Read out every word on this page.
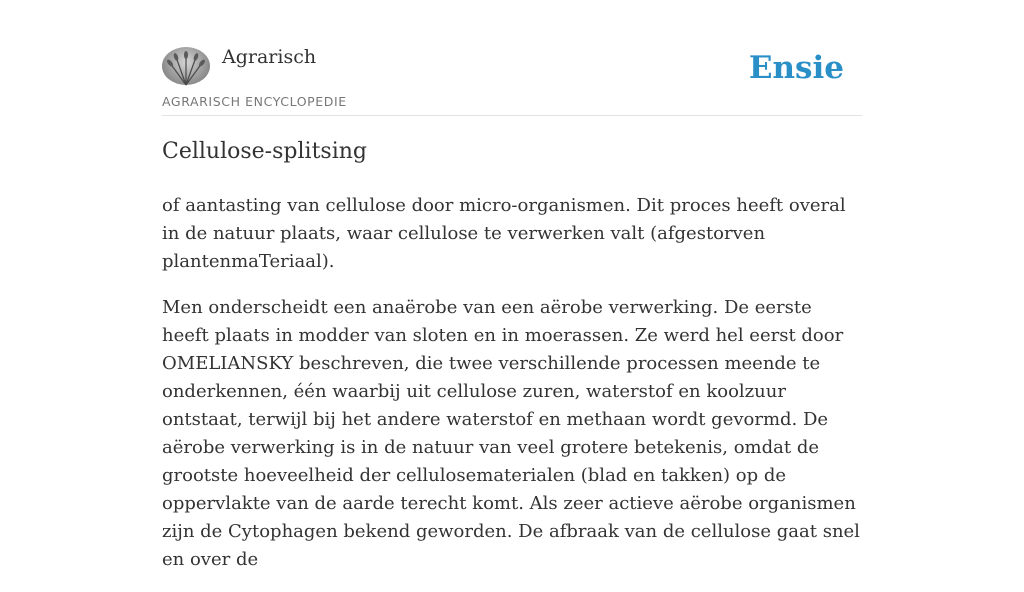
Agrarisch
AGRARISCH ENCYCLOPEDIE
Ensie
Cellulose-splitsing

of aantasting van cellulose door micro-organismen. Dit proces heeft overal in de natuur plaats, waar cellulose te verwerken valt (afgestorven plantenmaTeriaal).

Men onderscheidt een anaërobe van een aërobe verwerking. De eerste heeft plaats in modder van sloten en in moerassen. Ze werd hel eerst door OMELIANSKY beschreven, die twee verschillende processen meende te onderkennen, één waarbij uit cellulose zuren, waterstof en koolzuur ontstaat, terwijl bij het andere waterstof en methaan wordt gevormd. De aërobe verwerking is in de natuur van veel grotere betekenis, omdat de grootste hoeveelheid der cellulosematerialen (blad en takken) op de oppervlakte van de aarde terecht komt. Als zeer actieve aërobe organismen zijn de Cytophagen bekend geworden. De afbraak van de cellulose gaat snel en over de
